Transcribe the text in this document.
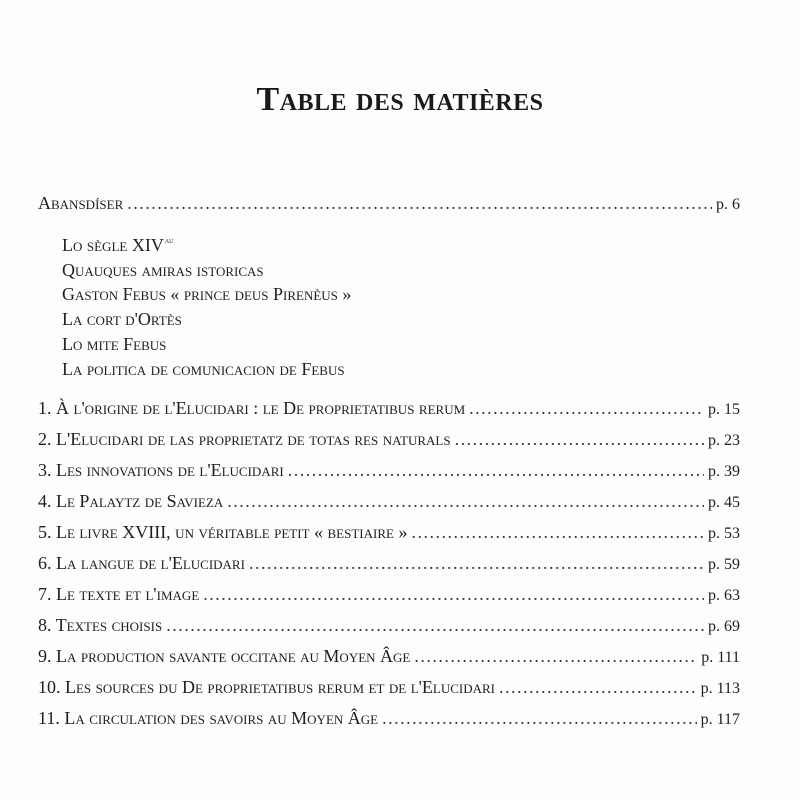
Table des matières
Abansdíser .....	p. 6
Lo sègle $XIV^{au}$
Quauques amiras istoricas
Gaston Febus « prince deus Pirenèus »
La cort d'Ortès
Lo mite Febus
La politica de comunicacion de Febus
1. À l'origine de l'Elucidari : le De proprietatibus rerum .....	p. 15
2. L'Elucidari de las proprietatz de totas res naturals .....	p. 23
3. Les innovations de l'Elucidari .....	p. 39
4. Le Palaytz de Savieza .....	p. 45
5. Le livre XVIII, un véritable petit « bestiaire » .....	p. 53
6. La langue de l'Elucidari .....	p. 59
7. Le texte et l'image .....	p. 63
8. Textes choisis .....	p. 69
9. La production savante occitane au Moyen Âge .....	p. 111
10. Les sources du De proprietatibus rerum et de l'Elucidari .....	p. 113
11. La circulation des savoirs au Moyen Âge .....	p. 117
